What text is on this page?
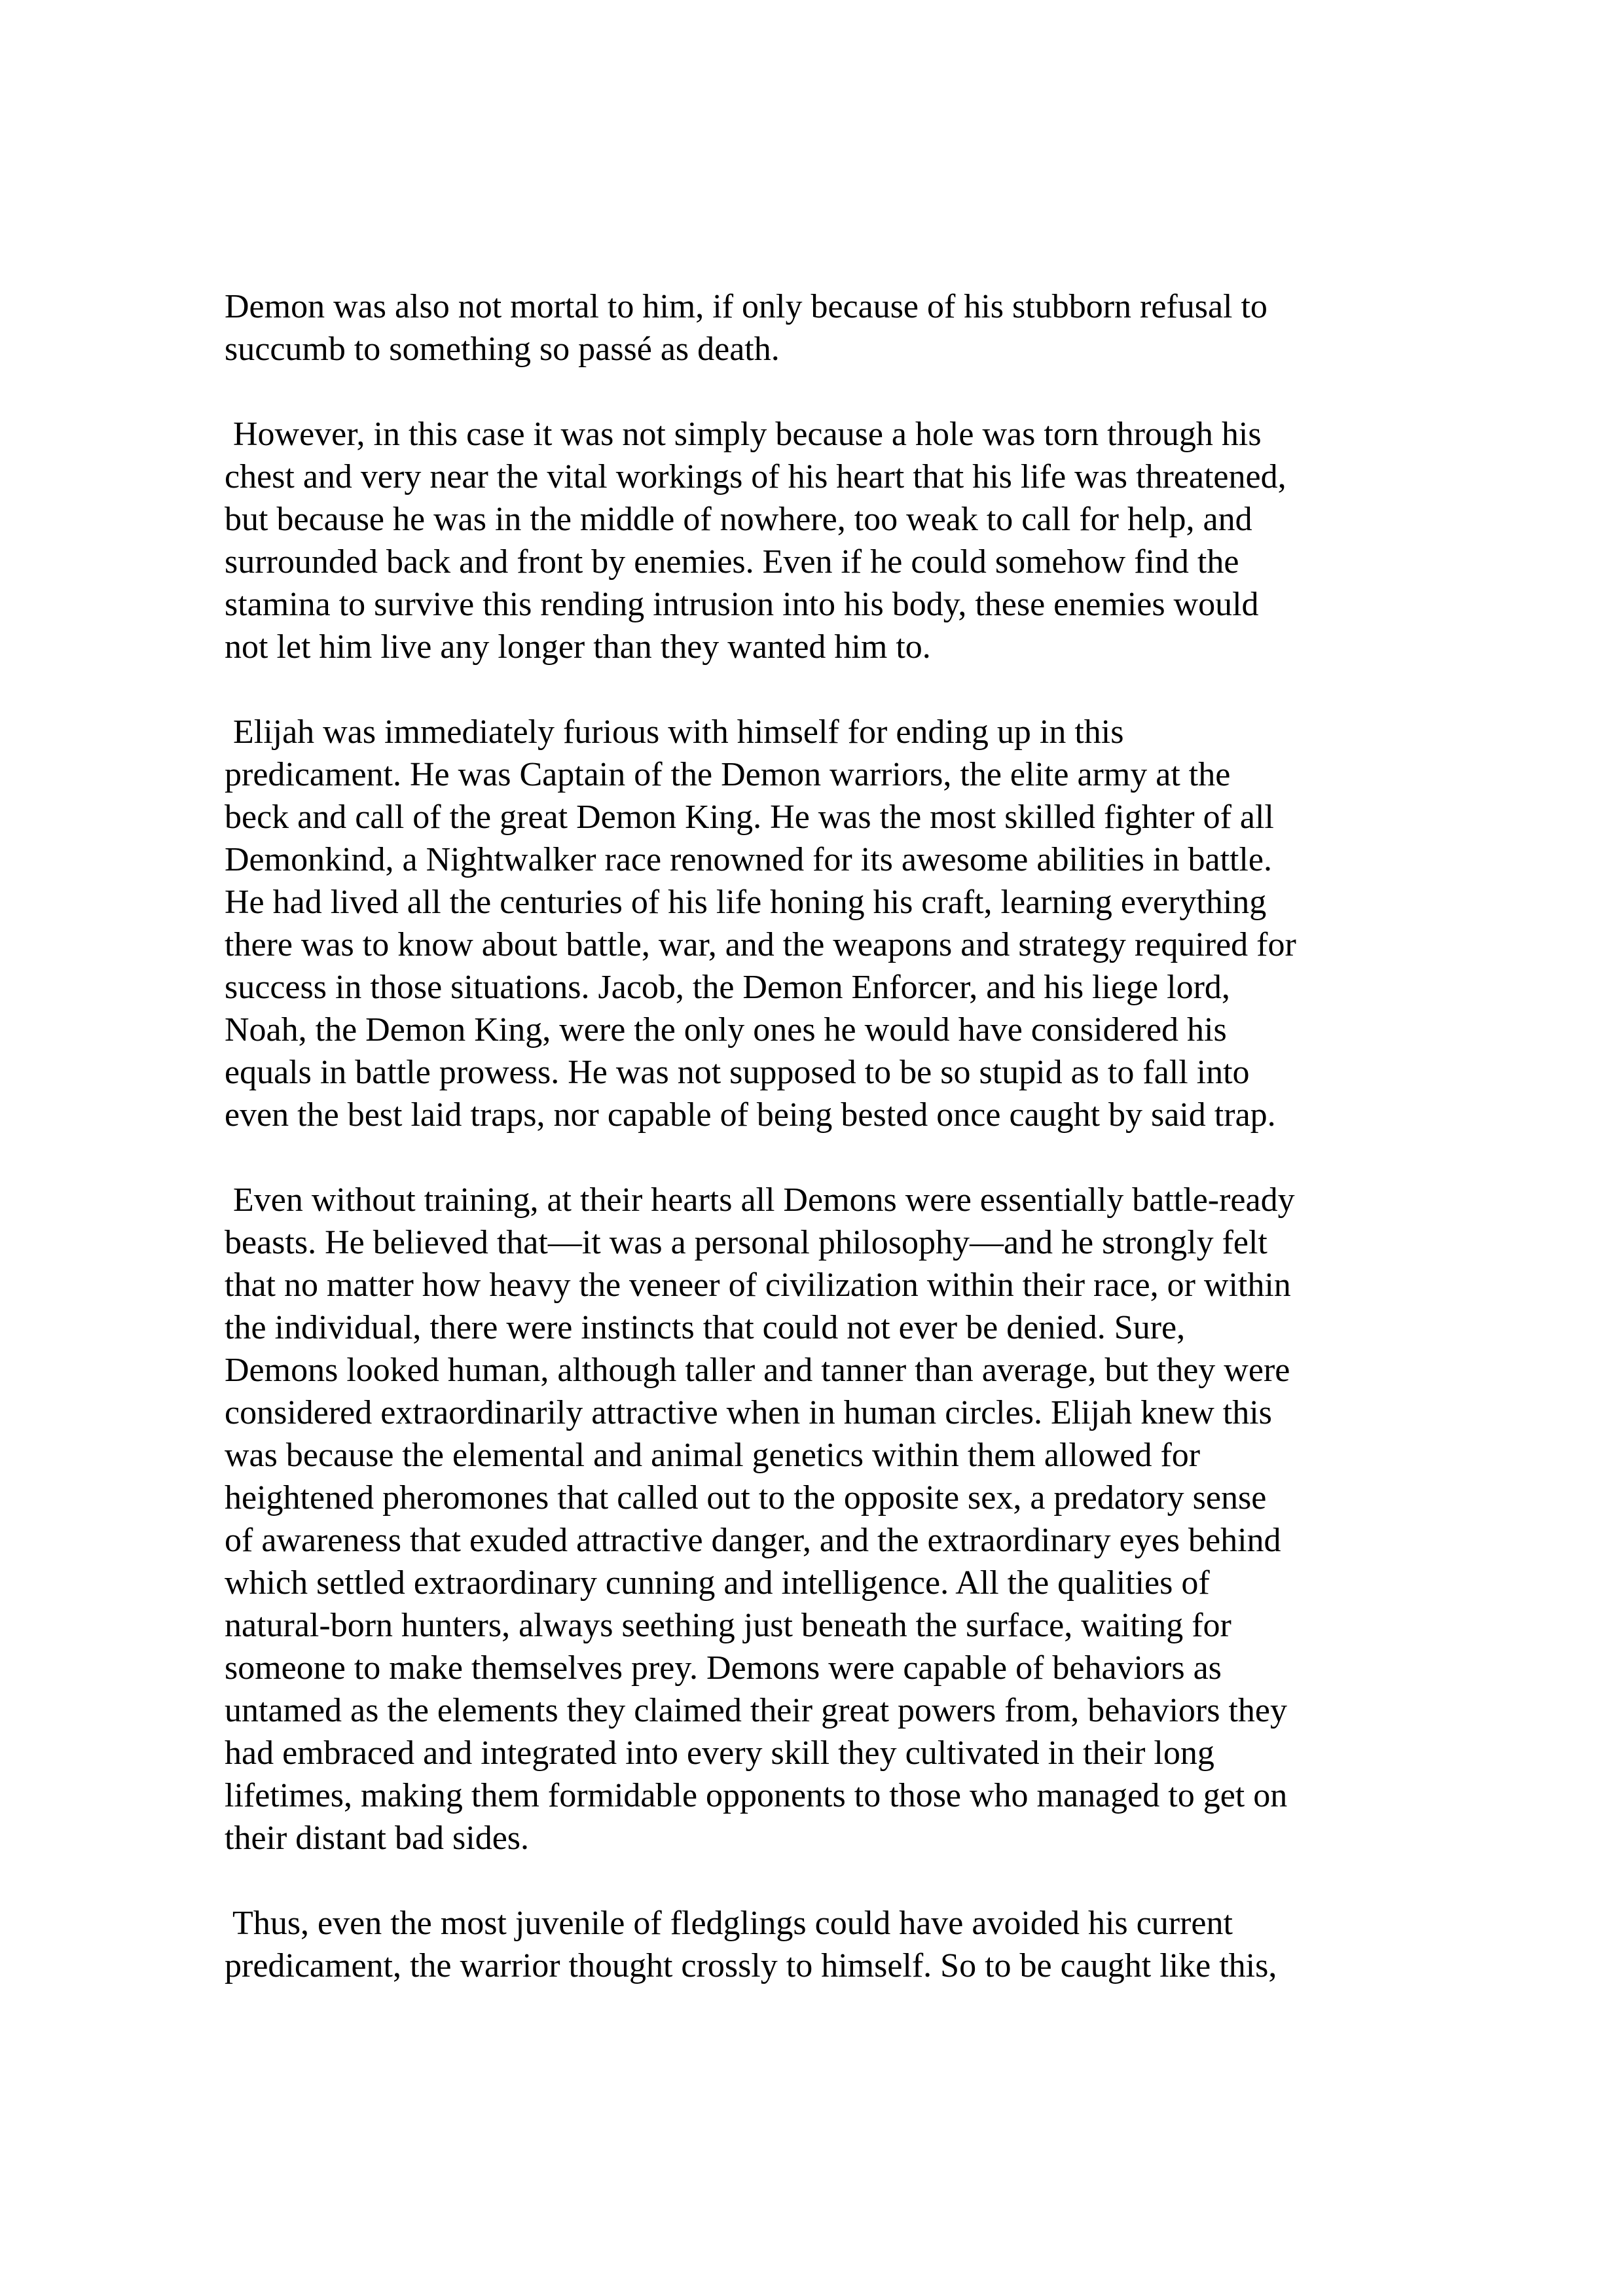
Demon was also not mortal to him, if only because of his stubborn refusal to
succumb to something so passé as death.
However, in this case it was not simply because a hole was torn through his
chest and very near the vital workings of his heart that his life was threatened,
but because he was in the middle of nowhere, too weak to call for help, and
surrounded back and front by enemies. Even if he could somehow find the
stamina to survive this rending intrusion into his body, these enemies would
not let him live any longer than they wanted him to.
Elijah was immediately furious with himself for ending up in this
predicament. He was Captain of the Demon warriors, the elite army at the
beck and call of the great Demon King. He was the most skilled fighter of all
Demonkind, a Nightwalker race renowned for its awesome abilities in battle.
He had lived all the centuries of his life honing his craft, learning everything
there was to know about battle, war, and the weapons and strategy required for
success in those situations. Jacob, the Demon Enforcer, and his liege lord,
Noah, the Demon King, were the only ones he would have considered his
equals in battle prowess. He was not supposed to be so stupid as to fall into
even the best laid traps, nor capable of being bested once caught by said trap.
Even without training, at their hearts all Demons were essentially battle-ready
beasts. He believed that—it was a personal philosophy—and he strongly felt
that no matter how heavy the veneer of civilization within their race, or within
the individual, there were instincts that could not ever be denied. Sure,
Demons looked human, although taller and tanner than average, but they were
considered extraordinarily attractive when in human circles. Elijah knew this
was because the elemental and animal genetics within them allowed for
heightened pheromones that called out to the opposite sex, a predatory sense
of awareness that exuded attractive danger, and the extraordinary eyes behind
which settled extraordinary cunning and intelligence. All the qualities of
natural-born hunters, always seething just beneath the surface, waiting for
someone to make themselves prey. Demons were capable of behaviors as
untamed as the elements they claimed their great powers from, behaviors they
had embraced and integrated into every skill they cultivated in their long
lifetimes, making them formidable opponents to those who managed to get on
their distant bad sides.
Thus, even the most juvenile of fledglings could have avoided his current
predicament, the warrior thought crossly to himself. So to be caught like this,
